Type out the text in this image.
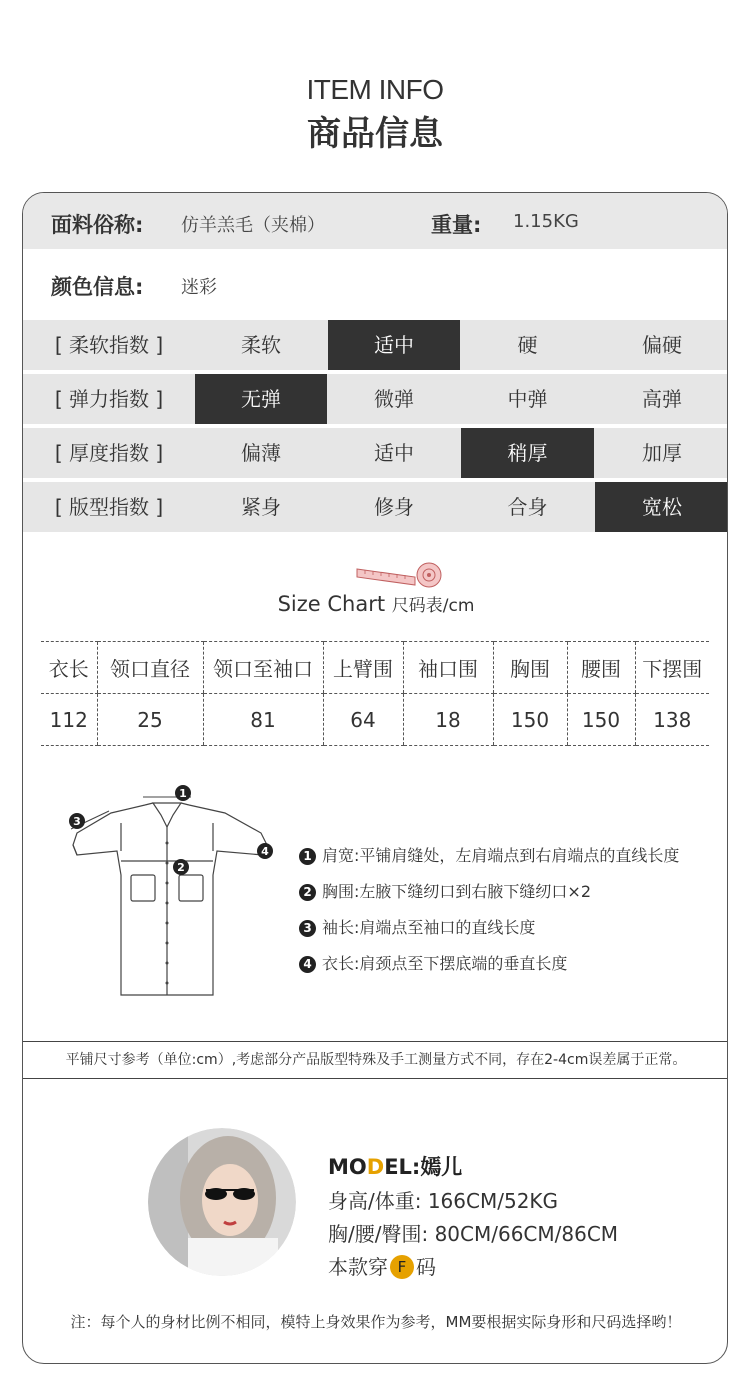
ITEM INFO
商品信息
面料俗称: 仿羊羔毛（夹棉）	重量: 1.15KG
颜色信息: 迷彩
[ 柔软指数 ]	柔软	适中	硬	偏硬
[ 弹力指数 ]	无弹	微弹	中弹	高弹
[ 厚度指数 ]	偏薄	适中	稍厚	加厚
[ 版型指数 ]	紧身	修身	合身	宽松
Size Chart 尺码表/cm
衣长	领口直径	领口至袖口	上臂围	袖口围	胸围	腰围	下摆围
112	25	81	64	18	150	150	138
1
2
3
4	1 肩宽:平铺肩缝处，左肩端点到右肩端点的直线长度
2 胸围:左腋下缝纫口到右腋下缝纫口×2
3 袖长:肩端点至袖口的直线长度
4 衣长:肩颈点至下摆底端的垂直长度
平铺尺寸参考（单位:cm）,考虑部分产品版型特殊及手工测量方式不同，存在2-4cm误差属于正常。
MODEL:嫣儿
身高/体重: 166CM/52KG
胸/腰/臀围: 80CM/66CM/86CM
本款穿 F 码
注：每个人的身材比例不相同，模特上身效果作为参考，MM要根据实际身形和尺码选择哟！
